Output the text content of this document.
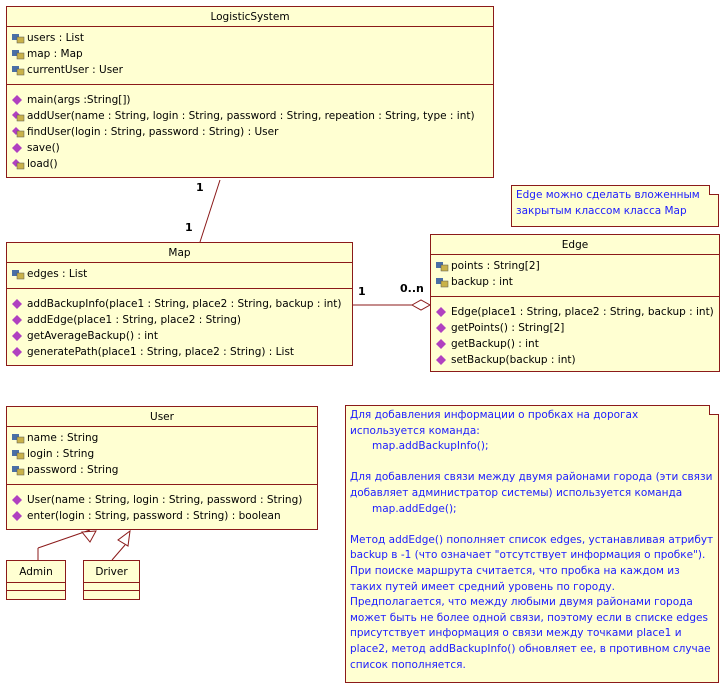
1
1
1	0..n
LogisticSystem
users : List
map : Map
currentUser : User
main(args :String[])
addUser(name : String, login : String, password : String, repeation : String, type : int)
findUser(login : String, password : String) : User
save()
load()
Map
edges : List
addBackupInfo(place1 : String, place2 : String, backup : int)
addEdge(place1 : String, place2 : String)
getAverageBackup() : int
generatePath(place1 : String, place2 : String) : List
Edge
points : String[2]
backup : int
Edge(place1 : String, place2 : String, backup : int)
getPoints() : String[2]
getBackup() : int
setBackup(backup : int)
User
name : String
login : String
password : String
User(name : String, login : String, password : String)
enter(login : String, password : String) : boolean
Admin	Driver

Edge можно сделать вложенным закрытым классом класса Map

Для добавления информации о пробках на дорогах используется команда:

map.addBackupInfo();

Для добавления связи между двумя районами города (эти связи добавляет администратор системы) используется команда

map.addEdge();

Метод addEdge() пополняет список edges, устанавливая атрибут backup в -1 (что означает "отсутствует информация о пробке"). При поиске маршрута считается, что пробка на каждом из таких путей имеет средний уровень по городу.

Предполагается, что между любыми двумя районами города может быть не более одной связи, поэтому если в списке edges присутствует информация о связи между точками place1 и place2, метод addBackupInfo() обновляет ее, в противном случае список пополняется.
